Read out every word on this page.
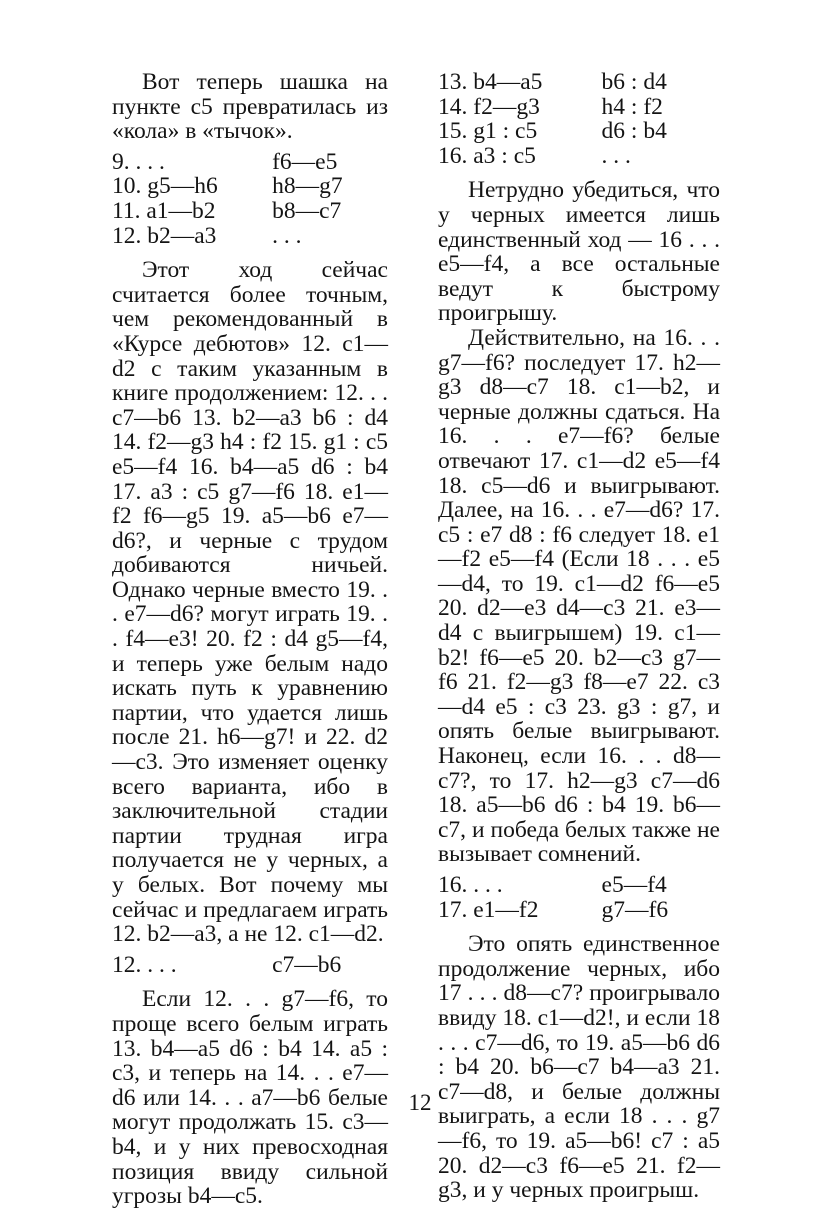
Вот теперь шашка на пункте c5 превратилась из «кола» в «тычок».

9. . . .	f6—e5
10. g5—h6	h8—g7
11. a1—b2	b8—c7
12. b2—a3	. . .

Этот ход сейчас считается более точным, чем рекомендованный в «Курсе дебютов» 12. c1—d2 с таким указанным в книге продолжением: 12. . . c7—b6 13. b2—a3 b6 : d4 14. f2—g3 h4 : f2 15. g1 : c5 e5—f4 16. b4—a5 d6 : b4 17. a3 : c5 g7—f6 18. e1—f2 f6—g5 19. a5—b6 e7—d6?, и черные с трудом добиваются ничьей. Однако черные вместо 19. . . e7—d6? могут играть 19. . . f4—e3! 20. f2 : d4 g5—f4, и теперь уже белым надо искать путь к уравнению партии, что удается лишь после 21. h6—g7! и 22. d2—c3. Это изменяет оценку всего варианта, ибо в заключительной стадии партии трудная игра получается не у черных, а у белых. Вот почему мы сейчас и предлагаем играть 12. b2—a3, а не 12. c1—d2.

12. . . .	c7—b6

Если 12. . . g7—f6, то проще всего белым играть 13. b4—a5 d6 : b4 14. a5 : c3, и теперь на 14. . . e7—d6 или 14. . . a7—b6 белые могут продолжать 15. c3—b4, и у них превосходная позиция ввиду сильной угрозы b4—c5.

13. b4—a5	b6 : d4
14. f2—g3	h4 : f2
15. g1 : c5	d6 : b4
16. a3 : c5	. . .

Нетрудно убедиться, что у черных имеется лишь единственный ход — 16 . . . e5—f4, а все остальные ведут к быстрому проигрышу.

Действительно, на 16. . . g7—f6? последует 17. h2—g3 d8—c7 18. c1—b2, и черные должны сдаться. На 16. . . e7—f6? белые отвечают 17. c1—d2 e5—f4 18. c5—d6 и выигрывают. Далее, на 16. . . e7—d6? 17. c5 : e7 d8 : f6 следует 18. e1—f2 e5—f4 (Если 18 . . . e5—d4, то 19. c1—d2 f6—e5 20. d2—e3 d4—c3 21. e3—d4 с выигрышем) 19. c1—b2! f6—e5 20. b2—c3 g7—f6 21. f2—g3 f8—e7 22. c3—d4 e5 : c3 23. g3 : g7, и опять белые выигрывают. Наконец, если 16. . . d8—c7?, то 17. h2—g3 c7—d6 18. a5—b6 d6 : b4 19. b6—c7, и победа белых также не вызывает сомнений.

16. . . .	e5—f4
17. e1—f2	g7—f6

Это опять единственное продолжение черных, ибо 17 . . . d8—c7? проигрывало ввиду 18. c1—d2!, и если 18 . . . c7—d6, то 19. a5—b6 d6 : b4 20. b6—c7 b4—a3 21. c7—d8, и белые должны выиграть, а если 18 . . . g7—f6, то 19. a5—b6! c7 : a5 20. d2—c3 f6—e5 21. f2—g3, и у черных проигрыш.

12
